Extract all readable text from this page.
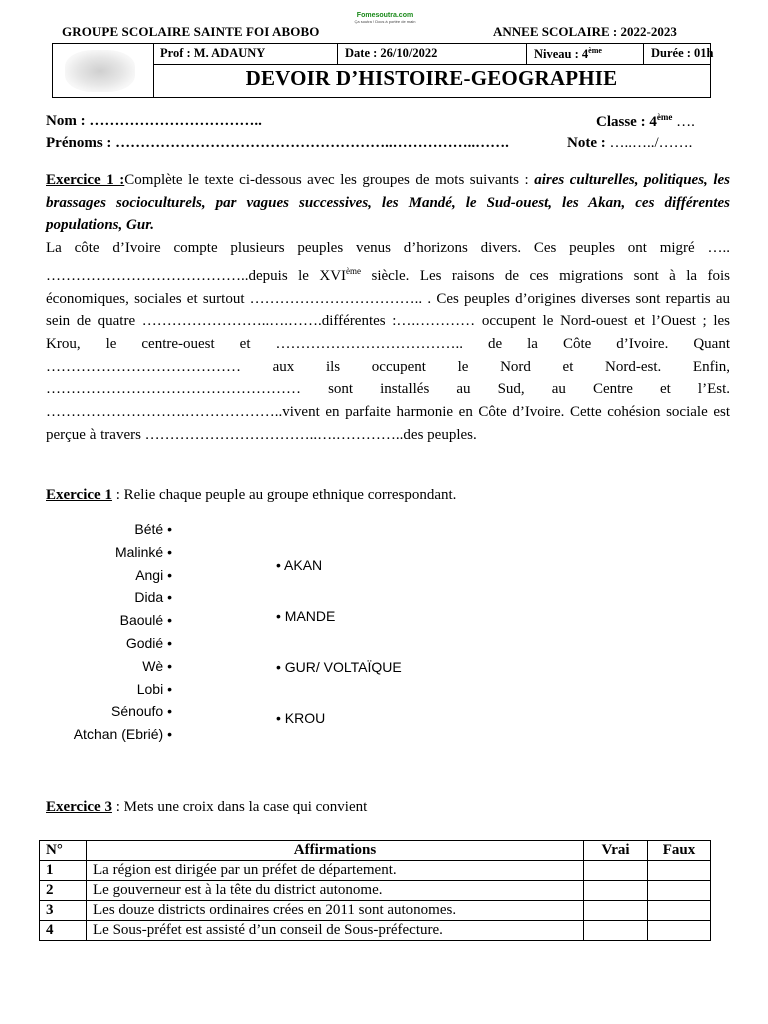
GROUPE SCOLAIRE SAINTE FOI ABOBO
Fomesoutra.com
Ça soutra ! Docs à portée de main
ANNEE SCOLAIRE : 2022-2023
Prof : M. ADAUNY	Date : 26/10/2022	Niveau : 4ème	Durée : 01h
DEVOIR D’HISTOIRE-GEOGRAPHIE
Nom : ……………………………..	Classe : 4ème ….
Prénoms : ………………………………………………..……………..…….	Note : …..…../…….
Exercice 1 :Complète le texte ci-dessous avec les groupes de mots suivants : aires culturelles, politiques, les brassages socioculturels, par vagues successives, les Mandé, le Sud-ouest, les Akan, ces différentes populations, Gur.
La côte d’Ivoire compte plusieurs peuples venus d’horizons divers. Ces peuples ont migré ….. …………………………………..depuis le XVIème siècle. Les raisons de ces migrations sont à la fois économiques, sociales et surtout …………………………….. . Ces peuples d’origines diverses sont repartis au sein de quatre ……………………..….…….différentes :….………… occupent le Nord-ouest et l’Ouest ; les Krou, le centre-ouest et ……………………………….. de la Côte d’Ivoire. Quant ………………………………… aux ils occupent le Nord et Nord-est. Enfin, …………………………………………… sont installés au Sud, au Centre et l’Est. ……………………….………………..vivent en parfaite harmonie en Côte d’Ivoire. Cette cohésion sociale est perçue à travers ……………………………..….…………..des peuples.
Exercice 1 : Relie chaque peuple au groupe ethnique correspondant.
Bété •
Malinké •
Angi •
Dida •
Baoulé •
Godié •
Wè •
Lobi •
Sénoufo •
Atchan (Ebrié) •
• AKAN
• MANDE
• GUR/ VOLTAÏQUE
• KROU
Exercice 3 : Mets une croix dans la case qui convient
N°	Affirmations	Vrai	Faux
1	La région est dirigée par un préfet de département.		
2	Le gouverneur est à la tête du district autonome.		
3	Les douze districts ordinaires crées en 2011 sont autonomes.		
4	Le Sous-préfet est assisté d’un conseil de Sous-préfecture.		
